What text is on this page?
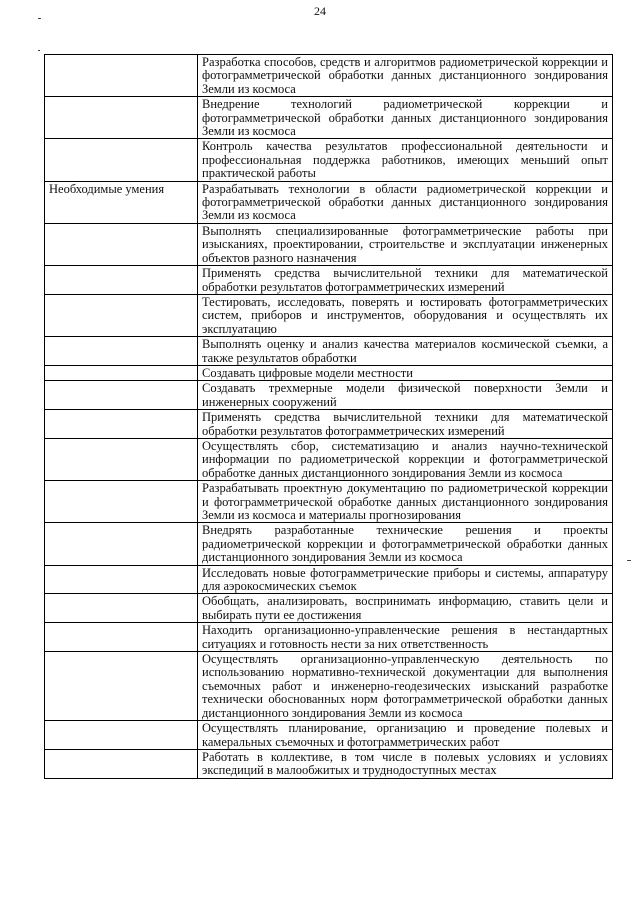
24
	Разработка способов, средств и алгоритмов радиометрической коррекции и фотограмметрической обработки данных дистанционного зондирования Земли из космоса
	Внедрение технологий радиометрической коррекции и фотограмметрической обработки данных дистанционного зондирования Земли из космоса
	Контроль качества результатов профессиональной деятельности и профессиональная поддержка работников, имеющих меньший опыт практической работы
Необходимые умения	Разрабатывать технологии в области радиометрической коррекции и фотограмметрической обработки данных дистанционного зондирования Земли из космоса
	Выполнять специализированные фотограмметрические работы при изысканиях, проектировании, строительстве и эксплуатации инженерных объектов разного назначения
	Применять средства вычислительной техники для математической обработки результатов фотограмметрических измерений
	Тестировать, исследовать, поверять и юстировать фотограмметрических систем, приборов и инструментов, оборудования и осуществлять их эксплуатацию
	Выполнять оценку и анализ качества материалов космической съемки, а также результатов обработки
	Создавать цифровые модели местности
	Создавать трехмерные модели физической поверхности Земли и инженерных сооружений
	Применять средства вычислительной техники для математической обработки результатов фотограмметрических измерений
	Осуществлять сбор, систематизацию и анализ научно-технической информации по радиометрической коррекции и фотограмметрической обработке данных дистанционного зондирования Земли из космоса
	Разрабатывать проектную документацию по радиометрической коррекции и фотограмметрической обработке данных дистанционного зондирования Земли из космоса и материалы прогнозирования
	Внедрять разработанные технические решения и проекты радиометрической коррекции и фотограмметрической обработки данных дистанционного зондирования Земли из космоса
	Исследовать новые фотограмметрические приборы и системы, аппаратуру для аэрокосмических съемок
	Обобщать, анализировать, воспринимать информацию, ставить цели и выбирать пути ее достижения
	Находить организационно-управленческие решения в нестандартных ситуациях и готовность нести за них ответственность
	Осуществлять организационно-управленческую деятельность по использованию нормативно-технической документации для выполнения съемочных работ и инженерно-геодезических изысканий разработке технически обоснованных норм фотограмметрической обработки данных дистанционного зондирования Земли из космоса
	Осуществлять планирование, организацию и проведение полевых и камеральных съемочных и фотограмметрических работ
	Работать в коллективе, в том числе в полевых условиях и условиях экспедиций в малообжитых и труднодоступных местах
